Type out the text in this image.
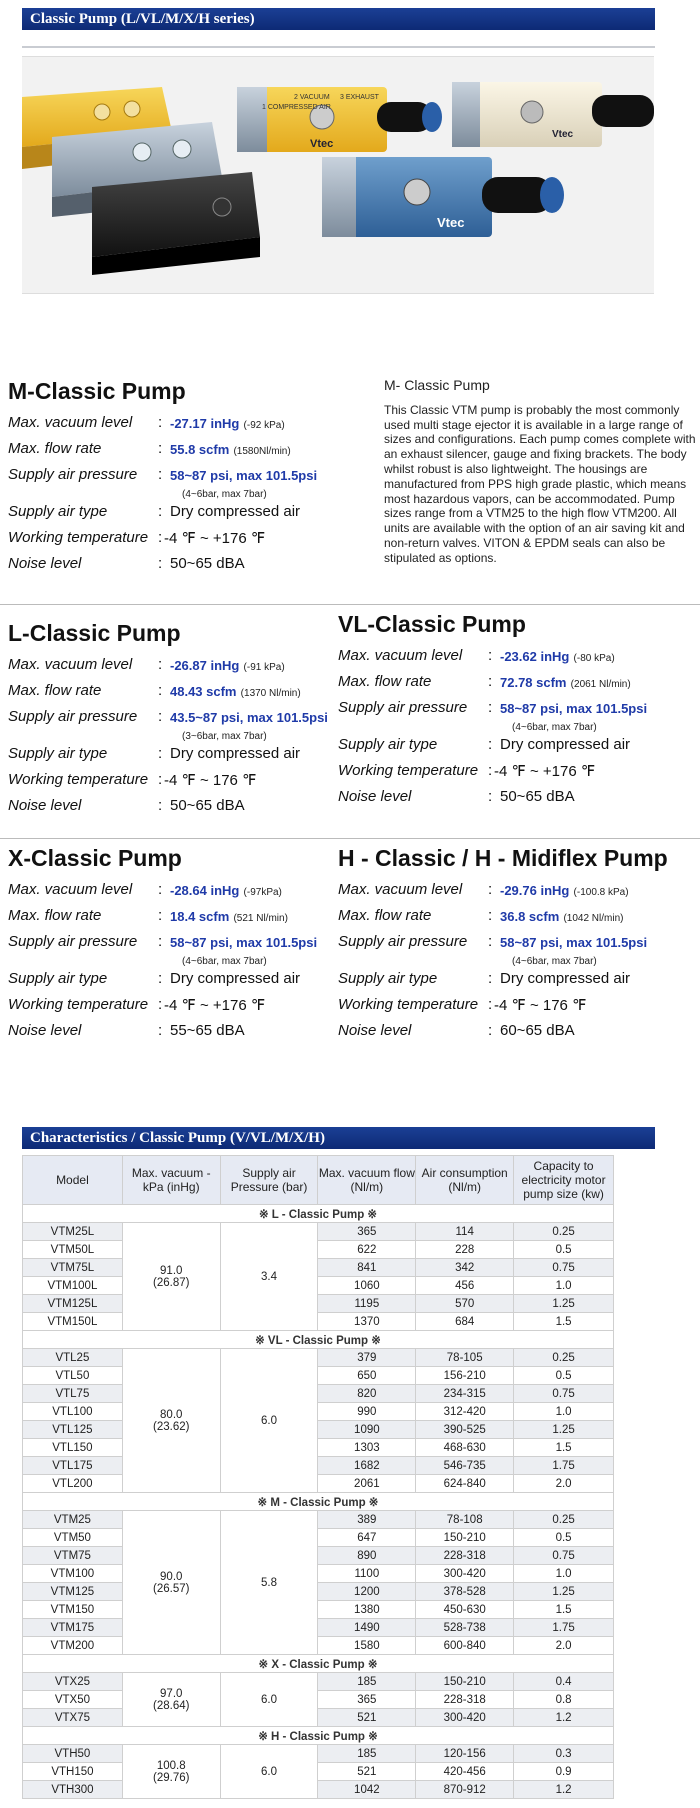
Classic Pump (L/VL/M/X/H series)
1 COMPRESSED AIR
2 VACUUM 3 EXHAUST
Vtec
Vtec
Vtec
M-Classic Pump
Max. vacuum level : -27.17 inHg (-92 kPa)
Max. flow rate	: 55.8 scfm (1580Nl/min)
Supply air pressure : 58~87 psi, max 101.5psi
(4~6bar, max 7bar)
Supply air type	: Dry compressed air
Working temperature : -4 ℉ ~ +176 ℉
Noise level	: 50~65 dBA
M- Classic Pump
This Classic VTM pump is probably the most commonly used multi stage ejector it is available in a large range of sizes and configurations. Each pump comes complete with an exhaust silencer, gauge and fixing brackets. The body whilst robust is also lightweight. The housings are manufactured from PPS high grade plastic, which means most hazardous vapors, can be accommodated. Pump sizes range from a VTM25 to the high flow VTM200. All units are available with the option of an air saving kit and non-return valves. VITON & EPDM seals can also be stipulated as options.
L-Classic Pump
Max. vacuum level : -26.87 inHg (-91 kPa)
Max. flow rate	: 48.43 scfm (1370 Nl/min)
Supply air pressure : 43.5~87 psi, max 101.5psi
(3~6bar, max 7bar)
Supply air type	: Dry compressed air
Working temperature : -4 ℉ ~ 176 ℉
Noise level	: 50~65 dBA
VL-Classic Pump
Max. vacuum level : -23.62 inHg (-80 kPa)
Max. flow rate	: 72.78 scfm (2061 Nl/min)
Supply air pressure : 58~87 psi, max 101.5psi
(4~6bar, max 7bar)
Supply air type	: Dry compressed air
Working temperature : -4 ℉ ~ +176 ℉
Noise level	: 50~65 dBA
X-Classic Pump
Max. vacuum level : -28.64 inHg (-97kPa)
Max. flow rate	: 18.4 scfm (521 Nl/min)
Supply air pressure : 58~87 psi, max 101.5psi
(4~6bar, max 7bar)
Supply air type	: Dry compressed air
Working temperature : -4 ℉ ~ +176 ℉
Noise level	: 55~65 dBA
H - Classic / H - Midiflex Pump
Max. vacuum level : -29.76 inHg (-100.8 kPa)
Max. flow rate	: 36.8 scfm (1042 Nl/min)
Supply air pressure : 58~87 psi, max 101.5psi
(4~6bar, max 7bar)
Supply air type	: Dry compressed air
Working temperature : -4 ℉ ~ 176 ℉
Noise level	: 60~65 dBA
Characteristics / Classic Pump (V/VL/M/X/H)
Model	Max. vacuum -kPa (inHg)	Supply air Pressure (bar)	Max. vacuum flow (Nl/m)	Air consumption (Nl/m)	Capacity to electricity motor pump size (kw)
※ L - Classic Pump ※					
VTM25L	91.0
(26.87)	3.4	365	114	0.25
VTM50L			622	228	0.5
VTM75L			841	342	0.75
VTM100L			1060	456	1.0
VTM125L			1195	570	1.25
VTM150L			1370	684	1.5
※ VL - Classic Pump ※					
VTL25	80.0
(23.62)	6.0	379	78-105	0.25
VTL50			650	156-210	0.5
VTL75			820	234-315	0.75
VTL100			990	312-420	1.0
VTL125			1090	390-525	1.25
VTL150			1303	468-630	1.5
VTL175			1682	546-735	1.75
VTL200			2061	624-840	2.0
※ M - Classic Pump ※					
VTM25	90.0
(26.57)	5.8	389	78-108	0.25
VTM50			647	150-210	0.5
VTM75			890	228-318	0.75
VTM100			1100	300-420	1.0
VTM125			1200	378-528	1.25
VTM150			1380	450-630	1.5
VTM175			1490	528-738	1.75
VTM200			1580	600-840	2.0
※ X - Classic Pump ※					
VTX25	97.0
(28.64)	6.0	185	150-210	0.4
VTX50			365	228-318	0.8
VTX75			521	300-420	1.2
※ H - Classic Pump ※					
VTH50	100.8
(29.76)	6.0	185	120-156	0.3
VTH150			521	420-456	0.9
VTH300			1042	870-912	1.2
